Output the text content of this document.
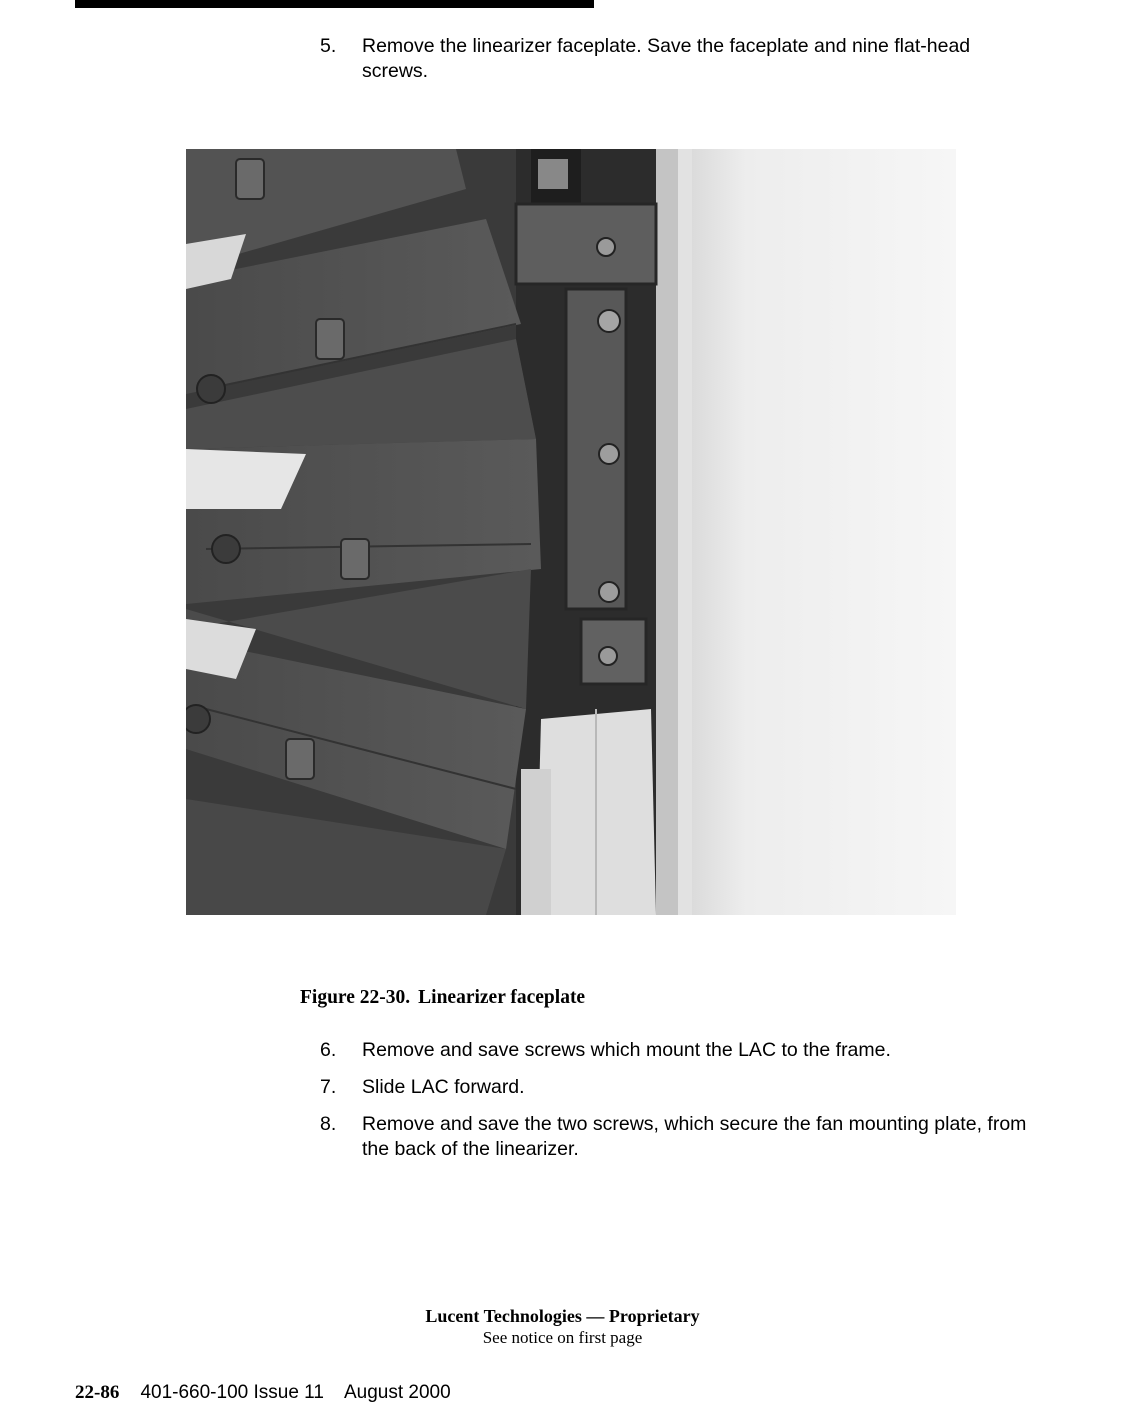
5. Remove the linearizer faceplate. Save the faceplate and nine flat-head screws.
Figure 22-30. Linearizer faceplate
6. Remove and save screws which mount the LAC to the frame.
7. Slide LAC forward.
8. Remove and save the two screws, which secure the fan mounting plate, from the back of the linearizer.
Lucent Technologies — Proprietary
See notice on first page
22-86 401-660-100 Issue 11 August 2000
